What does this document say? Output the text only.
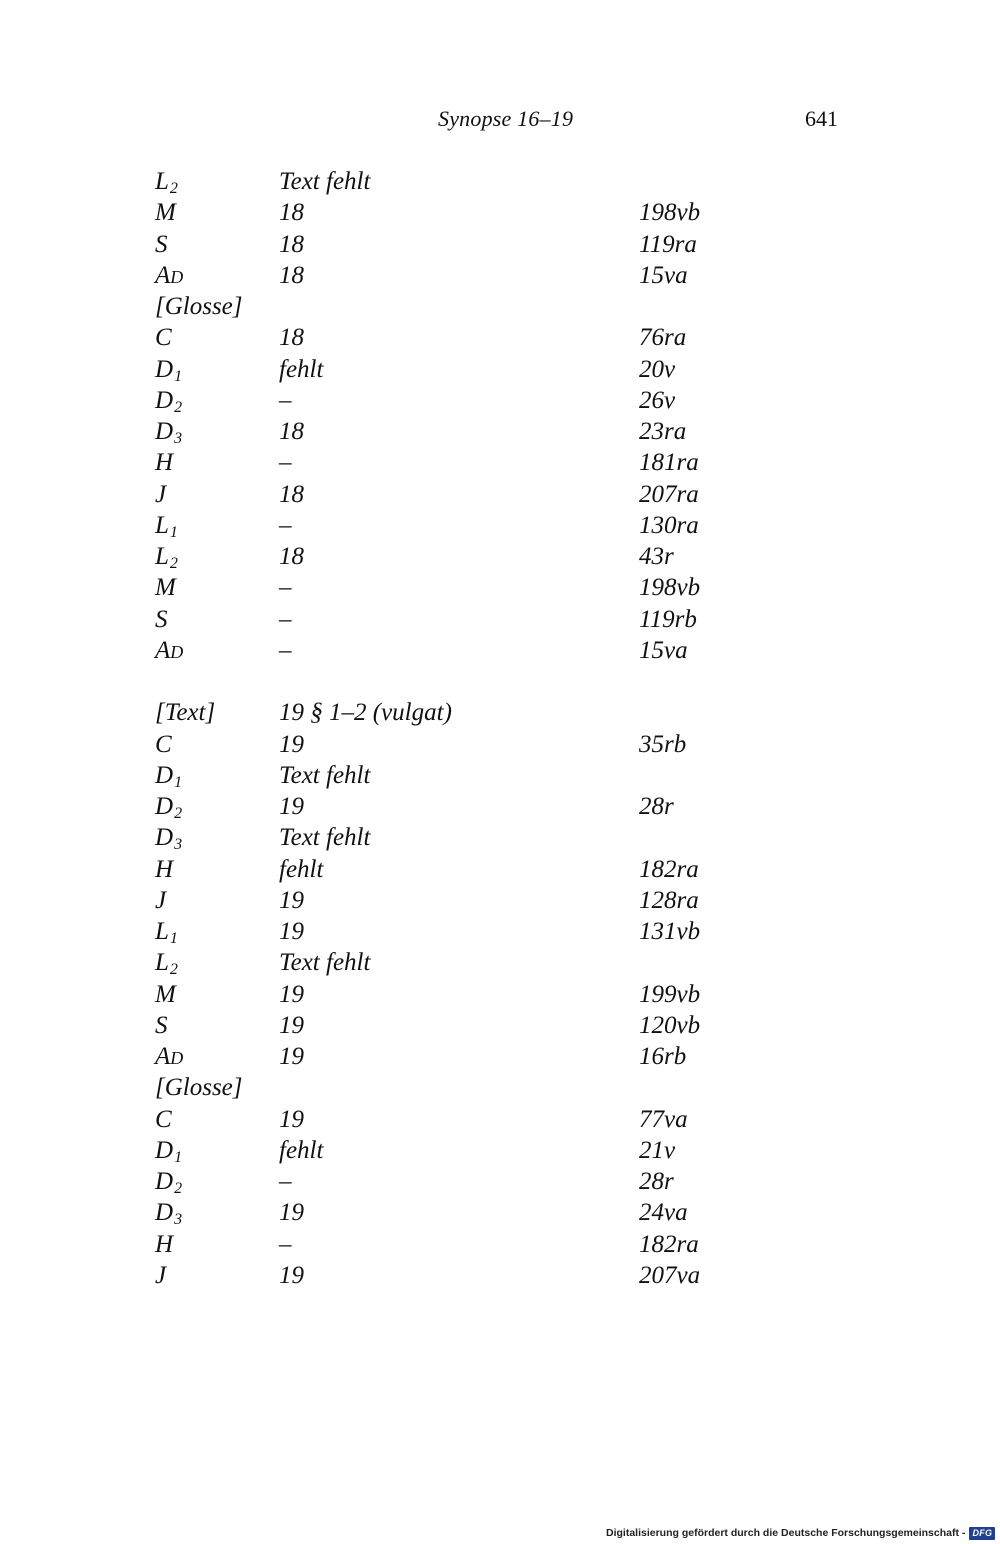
Synopse 16–19	641
$L_2$	Text fehlt
M	18	198vb
S	18	119ra
AD	18	15va
[Glosse]
C	18	76ra
$D_1$	fehlt	20v
$D_2$	–	26v
$D_3$	18	23ra
H	–	181ra
J	18	207ra
$L_1$	–	130ra
$L_2$	18	43r
M	–	198vb
S	–	119rb
AD	–	15va
[Text]	19 § 1–2 (vulgat)
C	19	35rb
$D_1$	Text fehlt
$D_2$	19	28r
$D_3$	Text fehlt
H	fehlt	182ra
J	19	128ra
$L_1$	19	131vb
$L_2$	Text fehlt
M	19	199vb
S	19	120vb
AD	19	16rb
[Glosse]
C	19	77va
$D_1$	fehlt	21v
$D_2$	–	28r
$D_3$	19	24va
H	–	182ra
J	19	207va
Digitalisierung gefördert durch die Deutsche Forschungsgemeinschaft - DFG
